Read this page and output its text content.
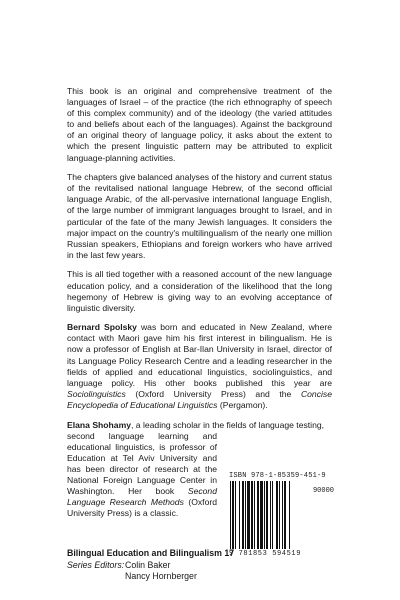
This book is an original and comprehensive treatment of the languages of Israel – of the practice (the rich ethnography of speech of this complex community) and of the ideology (the varied attitudes to and beliefs about each of the languages). Against the background of an original theory of language policy, it asks about the extent to which the present linguistic pattern may be attributed to explicit language-planning activities.

The chapters give balanced analyses of the history and current status of the revitalised national language Hebrew, of the second official language Arabic, of the all-pervasive international language English, of the large number of immigrant languages brought to Israel, and in particular of the fate of the many Jewish languages. It considers the major impact on the country's multilingualism of the nearly one million Russian speakers, Ethiopians and foreign workers who have arrived in the last few years.

This is all tied together with a reasoned account of the new language education policy, and a consideration of the likelihood that the long hegemony of Hebrew is giving way to an evolving acceptance of linguistic diversity.

Bernard Spolsky was born and educated in New Zealand, where contact with Maori gave him his first interest in bilingualism. He is now a professor of English at Bar-Ilan University in Israel, director of its Language Policy Research Centre and a leading researcher in the fields of applied and educational linguistics, sociolinguistics, and language policy. His other books published this year are Sociolinguistics (Oxford University Press) and the Concise Encyclopedia of Educational Linguistics (Pergamon).

Elana Shohamy, a leading scholar in the fields of language testing,
second language learning and educational linguistics, is professor of Education at Tel Aviv University and has been director of research at the National Foreign Language Center in Washington. Her book Second Language Research Methods (Oxford University Press) is a classic.
ISBN 978-1-85359-451-9
90000
9 781853 594519
Bilingual Education and Bilingualism 17
Series Editors: Colin Baker
Nancy Hornberger
